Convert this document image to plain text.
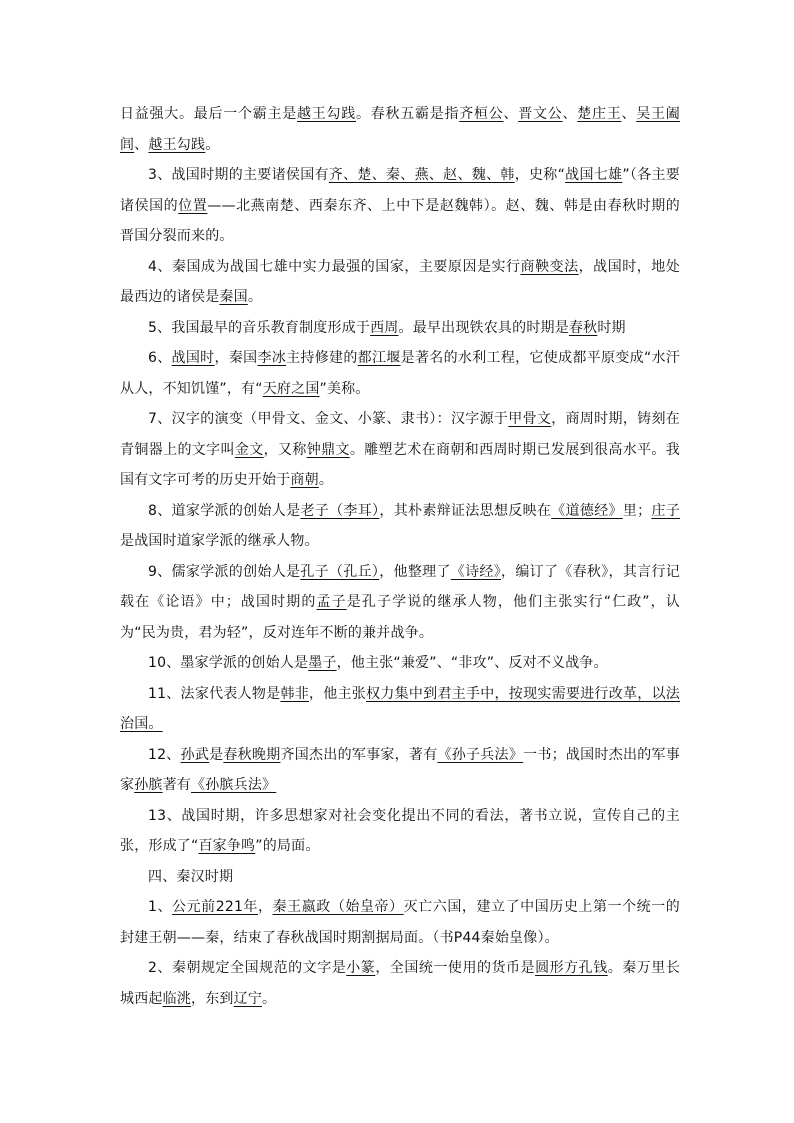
日益强大。最后一个霸主是越王勾践。春秋五霸是指齐桓公、晋文公、楚庄王、吴王阖闾、越王勾践。

3、战国时期的主要诸侯国有齐、楚、秦、燕、赵、魏、韩，史称“战国七雄”（各主要诸侯国的位置——北燕南楚、西秦东齐、上中下是赵魏韩）。赵、魏、韩是由春秋时期的晋国分裂而来的。

4、秦国成为战国七雄中实力最强的国家，主要原因是实行商鞅变法，战国时，地处最西边的诸侯是秦国。

5、我国最早的音乐教育制度形成于西周。最早出现铁农具的时期是春秋时期

6、战国时，秦国李冰主持修建的都江堰是著名的水利工程，它使成都平原变成“水汗从人，不知饥馑”，有“天府之国”美称。

7、汉字的演变（甲骨文、金文、小篆、隶书）：汉字源于甲骨文，商周时期，铸刻在青铜器上的文字叫金文，又称钟鼎文。雕塑艺术在商朝和西周时期已发展到很高水平。我国有文字可考的历史开始于商朝。

8、道家学派的创始人是老子（李耳），其朴素辩证法思想反映在《道德经》里；庄子是战国时道家学派的继承人物。

9、儒家学派的创始人是孔子（孔丘），他整理了《诗经》，编订了《春秋》，其言行记载在《论语》中；战国时期的孟子是孔子学说的继承人物，他们主张实行“仁政”，认为“民为贵，君为轻”，反对连年不断的兼并战争。

10、墨家学派的创始人是墨子，他主张“兼爱”、“非攻”、反对不义战争。

11、法家代表人物是韩非，他主张权力集中到君主手中，按现实需要进行改革，以法治国。

12、孙武是春秋晚期齐国杰出的军事家，著有《孙子兵法》一书；战国时杰出的军事家孙膑著有《孙膑兵法》

13、战国时期，许多思想家对社会变化提出不同的看法，著书立说，宣传自己的主张，形成了“百家争鸣”的局面。

四、秦汉时期

1、公元前221年，秦王嬴政（始皇帝）灭亡六国，建立了中国历史上第一个统一的封建王朝——秦，结束了春秋战国时期割据局面。（书P44秦始皇像）。

2、秦朝规定全国规范的文字是小篆，全国统一使用的货币是圆形方孔钱。秦万里长城西起临洮，东到辽宁。
